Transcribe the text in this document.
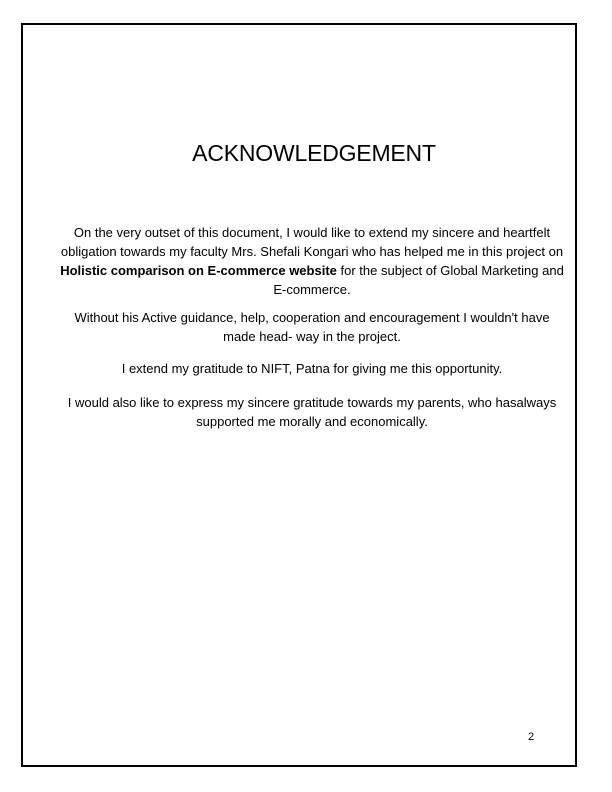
ACKNOWLEDGEMENT
On the very outset of this document, I would like to extend my sincere and heartfelt obligation towards my faculty Mrs. Shefali Kongari who has helped me in this project on Holistic comparison on E-commerce website for the subject of Global Marketing and E-commerce.
Without his Active guidance, help, cooperation and encouragement I wouldn't have made head- way in the project.
I extend my gratitude to NIFT, Patna for giving me this opportunity.
I would also like to express my sincere gratitude towards my parents, who hasalways supported me morally and economically.
2
